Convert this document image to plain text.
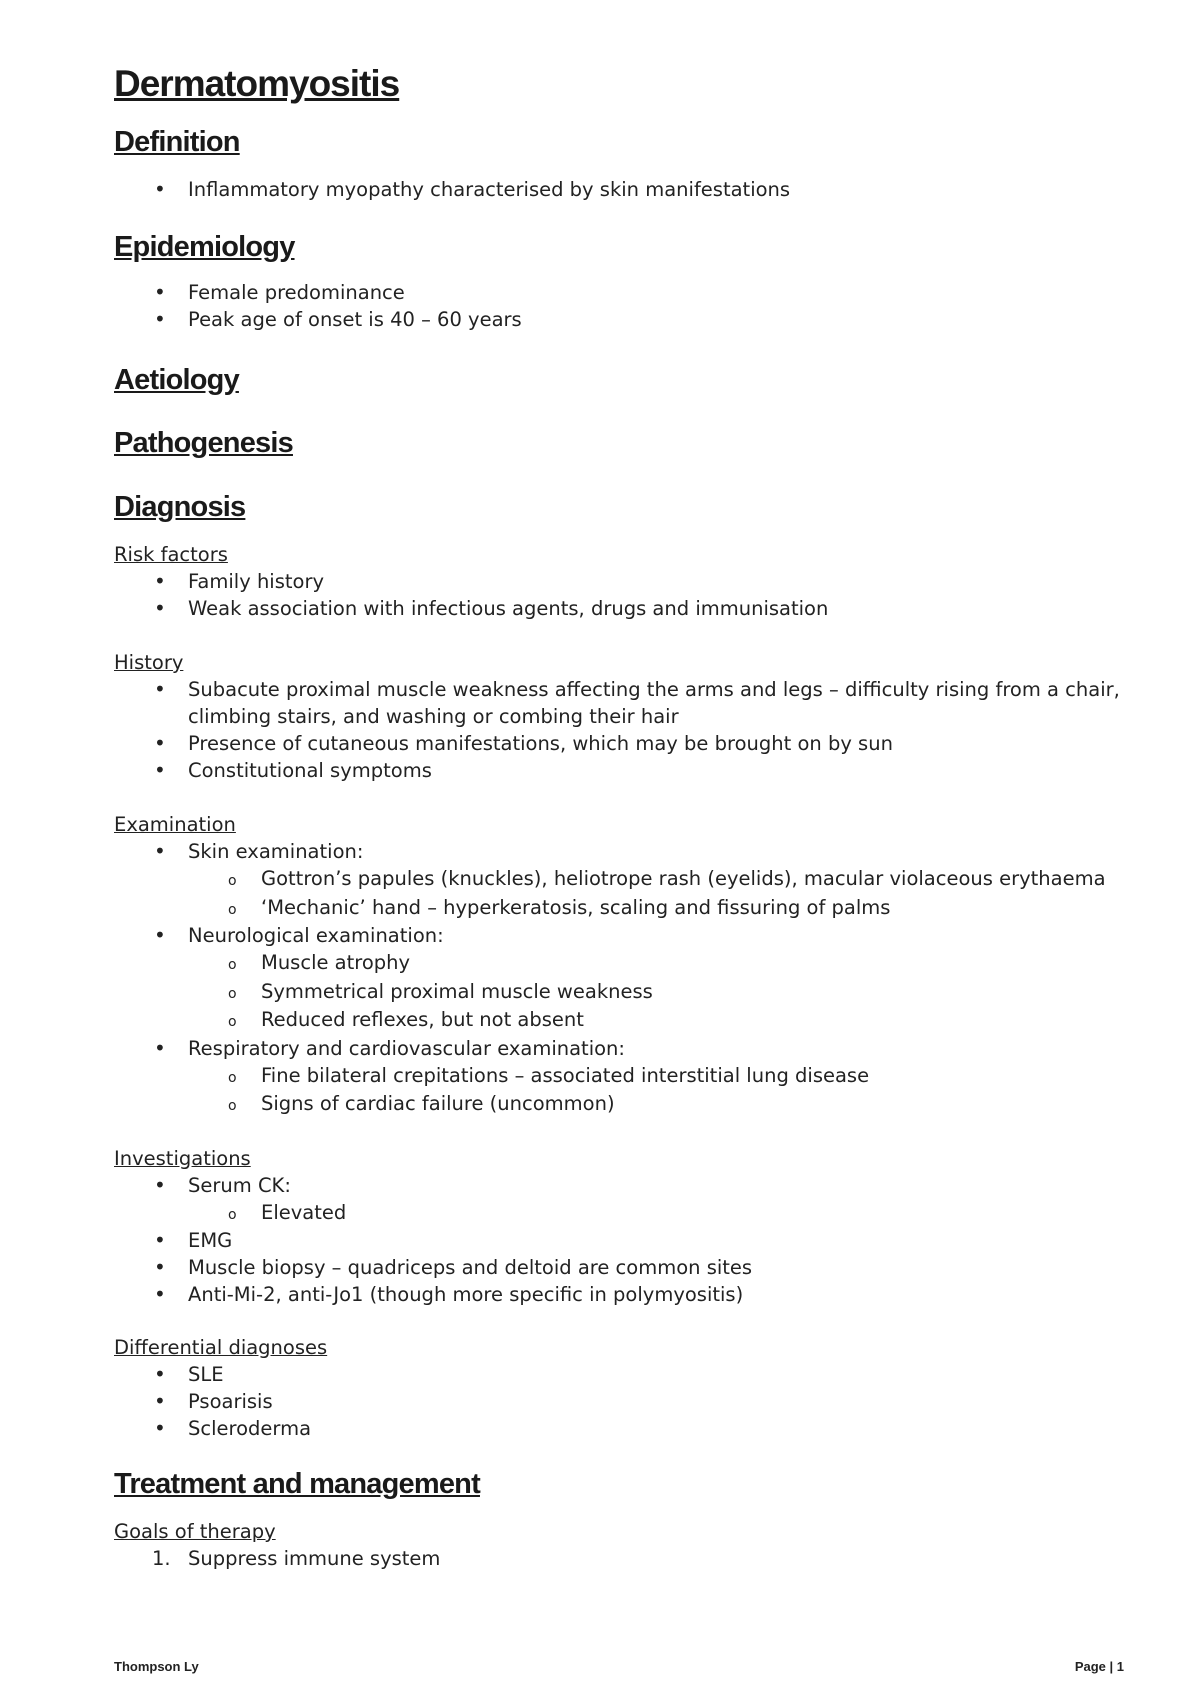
Dermatomyositis
Definition
• Inflammatory myopathy characterised by skin manifestations
Epidemiology
• Female predominance
• Peak age of onset is 40 – 60 years
Aetiology
Pathogenesis
Diagnosis
Risk factors
• Family history
• Weak association with infectious agents, drugs and immunisation
History
• Subacute proximal muscle weakness affecting the arms and legs – difficulty rising from a chair, climbing stairs, and washing or combing their hair
• Presence of cutaneous manifestations, which may be brought on by sun
• Constitutional symptoms
Examination
• Skin examination:
o Gottron’s papules (knuckles), heliotrope rash (eyelids), macular violaceous erythaema
o ‘Mechanic’ hand – hyperkeratosis, scaling and fissuring of palms
• Neurological examination:
o Muscle atrophy
o Symmetrical proximal muscle weakness
o Reduced reflexes, but not absent
• Respiratory and cardiovascular examination:
o Fine bilateral crepitations – associated interstitial lung disease
o Signs of cardiac failure (uncommon)
Investigations
• Serum CK:
o Elevated
• EMG
• Muscle biopsy – quadriceps and deltoid are common sites
• Anti-Mi-2, anti-Jo1 (though more specific in polymyositis)
Differential diagnoses
• SLE
• Psoarisis
• Scleroderma
Treatment and management
Goals of therapy
1. Suppress immune system
Thompson Ly	Page | 1
